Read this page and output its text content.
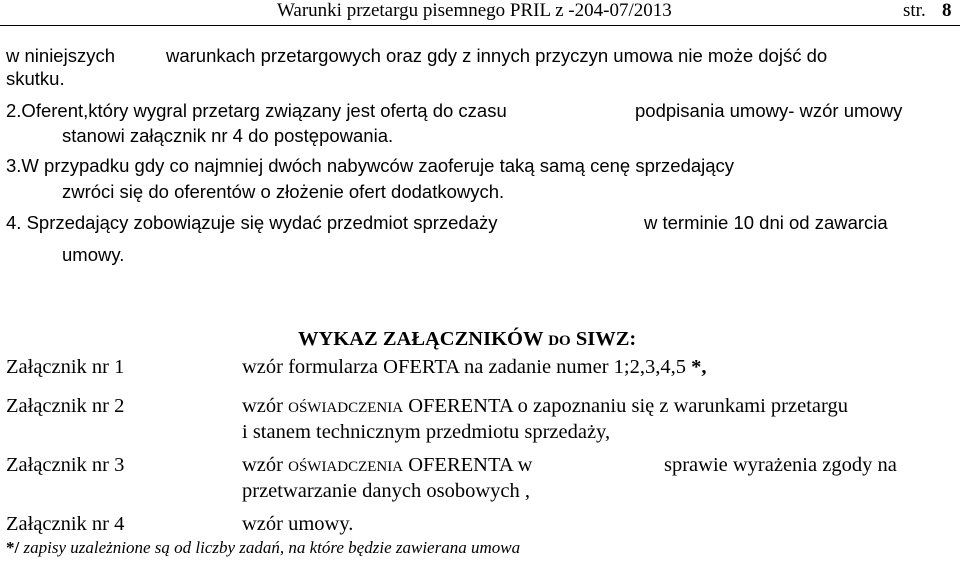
Warunki przetargu pisemnego PRIL z -204-07/2013	str. 8
w niniejszych	warunkach przetargowych oraz gdy z innych przyczyn umowa nie może dojść do
skutku.
2.Oferent,który wygral przetarg związany jest ofertą do czasu	podpisania umowy- wzór umowy
stanowi załącznik nr 4 do postępowania.
3.W przypadku gdy co najmniej dwóch nabywców zaoferuje taką samą cenę sprzedający
zwróci się do oferentów o złożenie ofert dodatkowych.
4. Sprzedający zobowiązuje się wydać przedmiot sprzedaży	w terminie 10 dni od zawarcia
umowy.
WYKAZ ZAŁĄCZNIKÓW DO SIWZ:
Załącznik nr 1	wzór formularza OFERTA na zadanie numer 1;2,3,4,5 *,
Załącznik nr 2	wzór OŚWIADCZENIA OFERENTA o zapoznaniu się z warunkami przetargu
i stanem technicznym przedmiotu sprzedaży,
Załącznik nr 3	wzór OŚWIADCZENIA OFERENTA w	sprawie wyrażenia zgody na
przetwarzanie danych osobowych ,
Załącznik nr 4	wzór umowy.
*/ zapisy uzależnione są od liczby zadań, na które będzie zawierana umowa
